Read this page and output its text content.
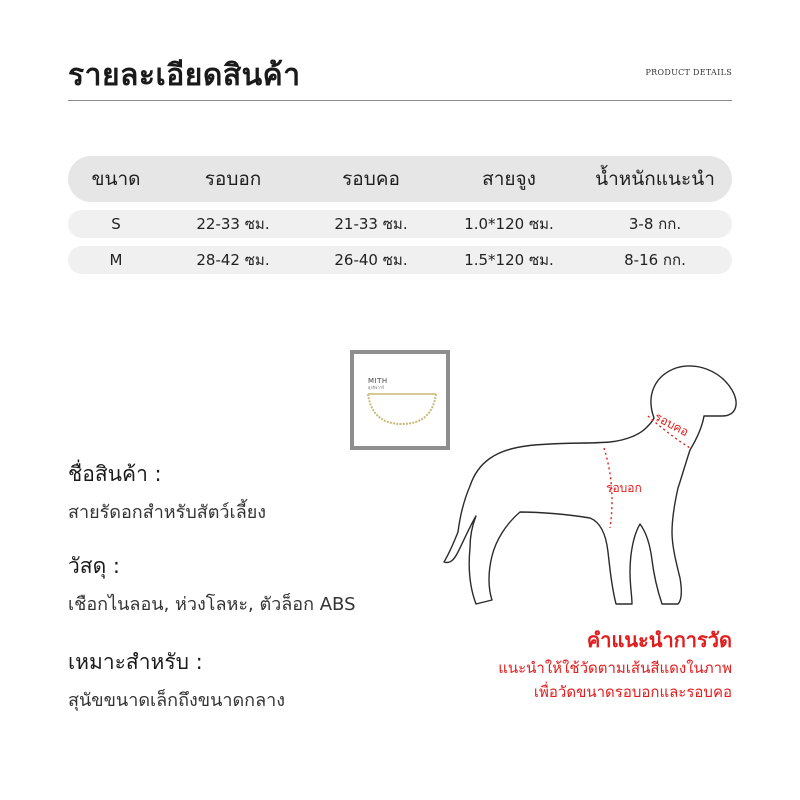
รายละเอียดสินค้า	PRODUCT DETAILS
ขนาด	รอบอก	รอบคอ	สายจูง	น้ำหนักแนะนำ
S	22-33 ซม.	21-33 ซม.	1.0*120 ซม.	3-8 กก.
M	28-42 ซม.	26-40 ซม.	1.5*120 ซม.	8-16 กก.
MITH
ธุรกิจวาร์
ชื่อสินค้า :
สายรัดอกสำหรับสัตว์เลี้ยง
วัสดุ :
เชือกไนลอน, ห่วงโลหะ, ตัวล็อก ABS
เหมาะสำหรับ :
สุนัขขนาดเล็กถึงขนาดกลาง
รอบคอ
รอบอก
คำแนะนำการวัด
แนะนำให้ใช้วัดตามเส้นสีแดงในภาพ
เพื่อวัดขนาดรอบอกและรอบคอ
